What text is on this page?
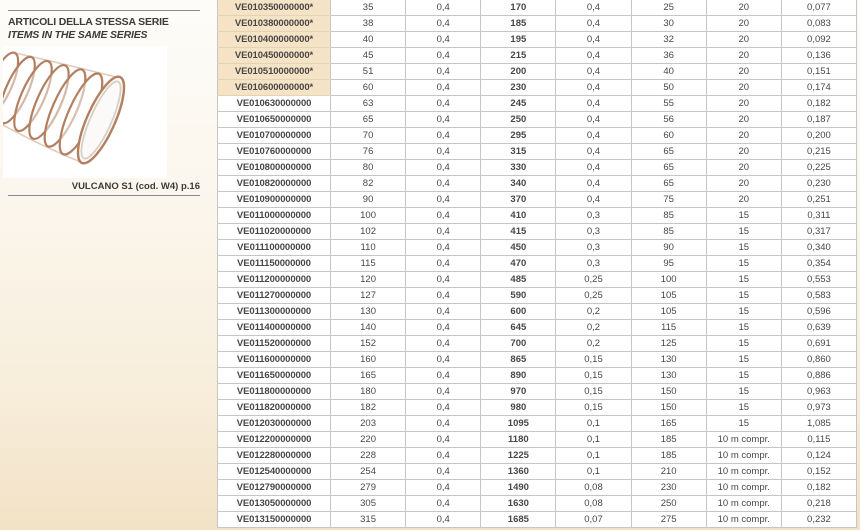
ARTICOLI DELLA STESSA SERIE
ITEMS IN THE SAME SERIES
VULCANO S1 (cod. W4) p.16
VE010350000000*	35	0,4	170	0,4	25	20	0,077
VE010380000000*	38	0,4	185	0,4	30	20	0,083
VE010400000000*	40	0,4	195	0,4	32	20	0,092
VE010450000000*	45	0,4	215	0,4	36	20	0,136
VE010510000000*	51	0,4	200	0,4	40	20	0,151
VE010600000000*	60	0,4	230	0,4	50	20	0,174
VE010630000000	63	0,4	245	0,4	55	20	0,182
VE010650000000	65	0,4	250	0,4	56	20	0,187
VE010700000000	70	0,4	295	0,4	60	20	0,200
VE010760000000	76	0,4	315	0,4	65	20	0,215
VE010800000000	80	0,4	330	0,4	65	20	0,225
VE010820000000	82	0,4	340	0,4	65	20	0,230
VE010900000000	90	0,4	370	0,4	75	20	0,251
VE011000000000	100	0,4	410	0,3	85	15	0,311
VE011020000000	102	0,4	415	0,3	85	15	0,317
VE011100000000	110	0,4	450	0,3	90	15	0,340
VE011150000000	115	0,4	470	0,3	95	15	0,354
VE011200000000	120	0,4	485	0,25	100	15	0,553
VE011270000000	127	0,4	590	0,25	105	15	0,583
VE011300000000	130	0,4	600	0,2	105	15	0,596
VE011400000000	140	0,4	645	0,2	115	15	0,639
VE011520000000	152	0,4	700	0,2	125	15	0,691
VE011600000000	160	0,4	865	0,15	130	15	0,860
VE011650000000	165	0,4	890	0,15	130	15	0,886
VE011800000000	180	0,4	970	0,15	150	15	0,963
VE011820000000	182	0,4	980	0,15	150	15	0,973
VE012030000000	203	0,4	1095	0,1	165	15	1,085
VE012200000000	220	0,4	1180	0,1	185	10 m compr.	0,115
VE012280000000	228	0,4	1225	0,1	185	10 m compr.	0,124
VE012540000000	254	0,4	1360	0,1	210	10 m compr.	0,152
VE012790000000	279	0,4	1490	0,08	230	10 m compr.	0,182
VE013050000000	305	0,4	1630	0,08	250	10 m compr.	0,218
VE013150000000	315	0,4	1685	0,07	275	10 m compr.	0,232
